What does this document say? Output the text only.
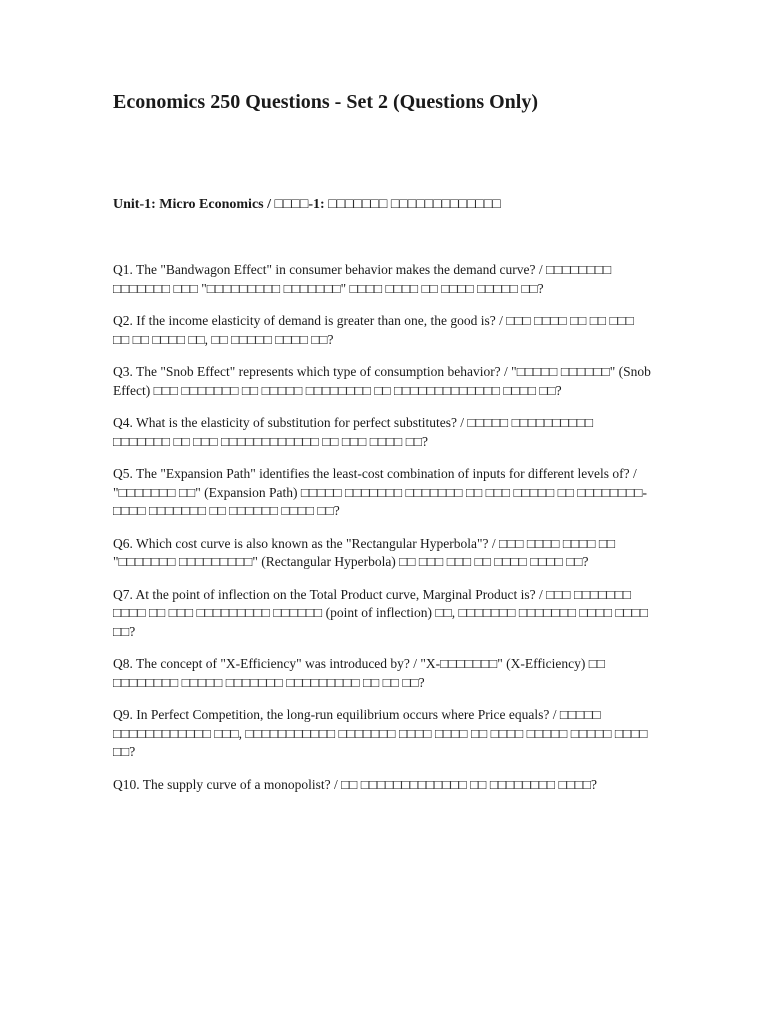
Economics 250 Questions - Set 2 (Questions Only)
Unit-1: Micro Economics / □□□□-1: □□□□□□□ □□□□□□□□□□□□□
Q1. The "Bandwagon Effect" in consumer behavior makes the demand curve? / □□□□□□□□ □□□□□□□ □□□ "□□□□□□□□□ □□□□□□□" □□□□ □□□□ □□ □□□□ □□□□□ □□?
Q2. If the income elasticity of demand is greater than one, the good is? / □□□ □□□□ □□ □□ □□□ □□ □□ □□□□ □□, □□ □□□□□ □□□□ □□?
Q3. The "Snob Effect" represents which type of consumption behavior? / "□□□□□ □□□□□□" (Snob Effect) □□□ □□□□□□□ □□ □□□□□ □□□□□□□□ □□ □□□□□□□□□□□□□ □□□□ □□?
Q4. What is the elasticity of substitution for perfect substitutes? / □□□□□ □□□□□□□□□□ □□□□□□□ □□ □□□ □□□□□□□□□□□□ □□ □□□ □□□□ □□?
Q5. The "Expansion Path" identifies the least-cost combination of inputs for different levels of? / "□□□□□□□ □□" (Expansion Path) □□□□□ □□□□□□□ □□□□□□□ □□ □□□ □□□□□ □□ □□□□□□□□-□□□□ □□□□□□□ □□ □□□□□□ □□□□ □□?
Q6. Which cost curve is also known as the "Rectangular Hyperbola"? / □□□ □□□□ □□□□ □□ "□□□□□□□ □□□□□□□□□" (Rectangular Hyperbola) □□ □□□ □□□ □□ □□□□ □□□□ □□?
Q7. At the point of inflection on the Total Product curve, Marginal Product is? / □□□ □□□□□□□ □□□□ □□ □□□ □□□□□□□□□ □□□□□□ (point of inflection) □□, □□□□□□□ □□□□□□□ □□□□ □□□□ □□?
Q8. The concept of "X-Efficiency" was introduced by? / "X-□□□□□□□" (X-Efficiency) □□ □□□□□□□□ □□□□□ □□□□□□□ □□□□□□□□□ □□ □□ □□?
Q9. In Perfect Competition, the long-run equilibrium occurs where Price equals? / □□□□□ □□□□□□□□□□□□ □□□, □□□□□□□□□□□ □□□□□□□ □□□□ □□□□ □□ □□□□ □□□□□ □□□□□ □□□□ □□?
Q10. The supply curve of a monopolist? / □□ □□□□□□□□□□□□□ □□ □□□□□□□□ □□□□?
